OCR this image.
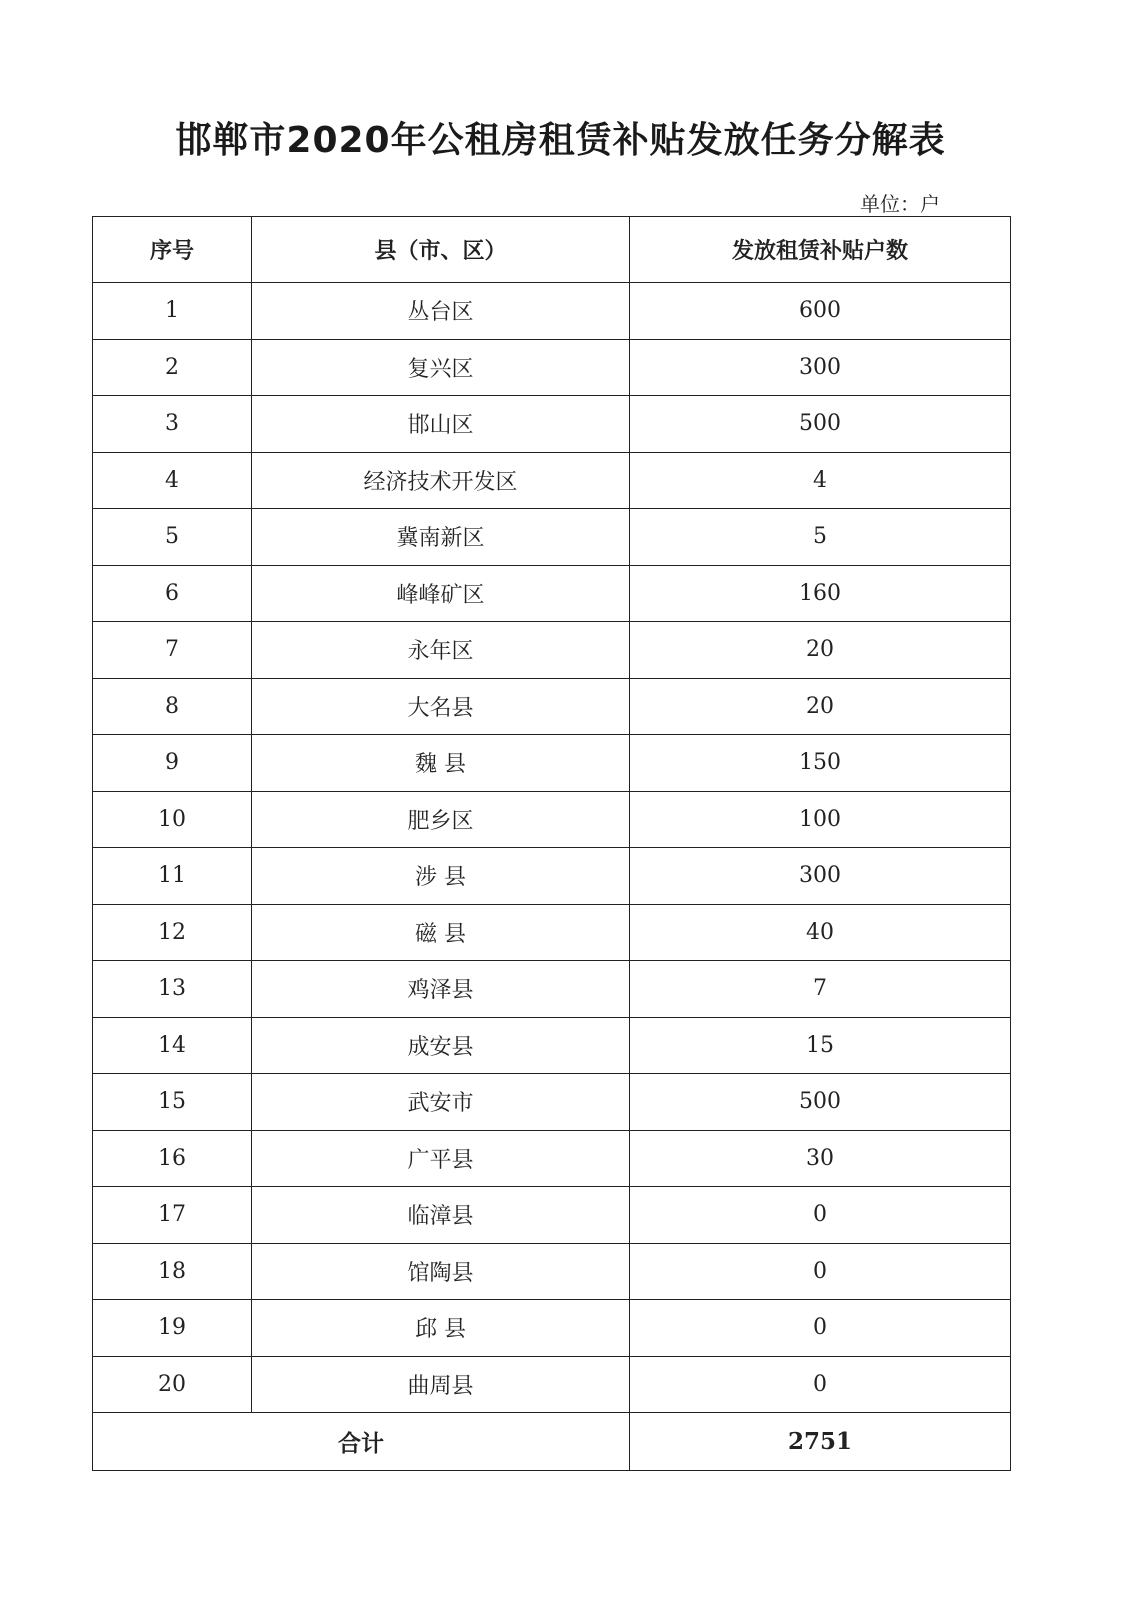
邯郸市2020年公租房租赁补贴发放任务分解表
单位：户
序号	县（市、区）	发放租赁补贴户数
1	丛台区	600
2	复兴区	300
3	邯山区	500
4	经济技术开发区	4
5	冀南新区	5
6	峰峰矿区	160
7	永年区	20
8	大名县	20
9	魏 县	150
10	肥乡区	100
11	涉 县	300
12	磁 县	40
13	鸡泽县	7
14	成安县	15
15	武安市	500
16	广平县	30
17	临漳县	0
18	馆陶县	0
19	邱 县	0
20	曲周县	0
合计		2751
